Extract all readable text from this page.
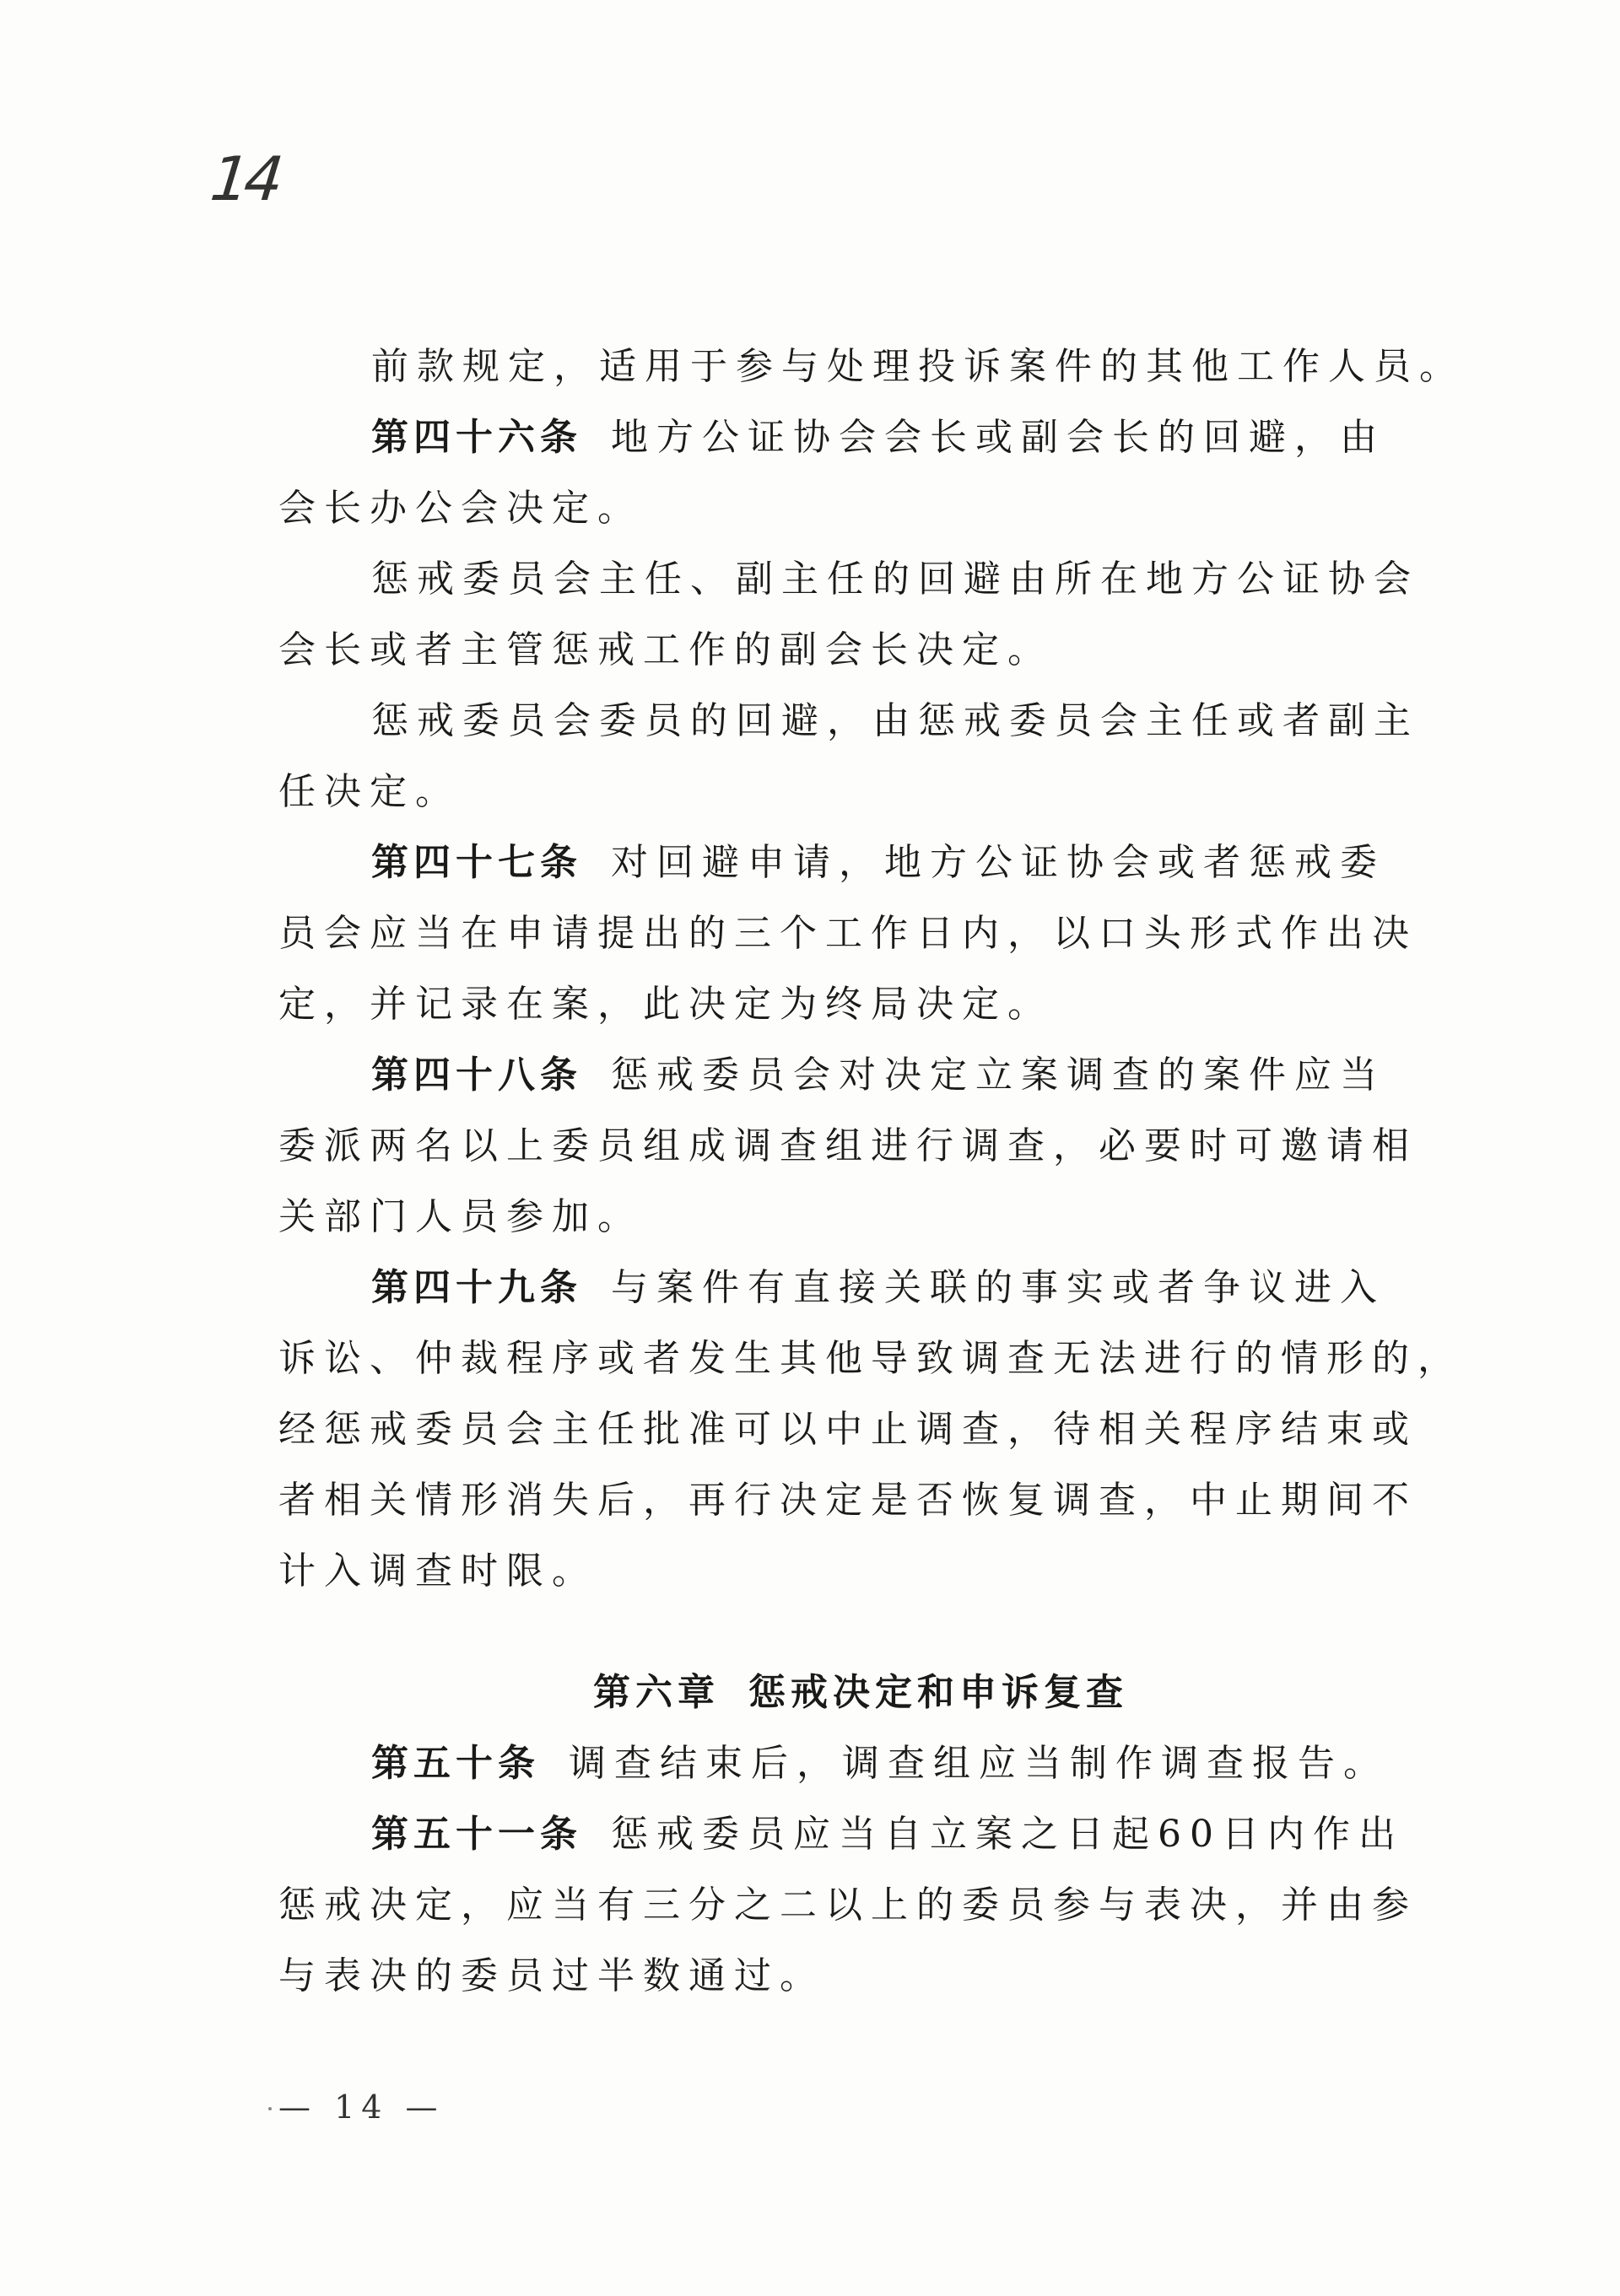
14
前款规定，适用于参与处理投诉案件的其他工作人员。
第四十六条 地方公证协会会长或副会长的回避，由
会长办公会决定。
惩戒委员会主任、副主任的回避由所在地方公证协会
会长或者主管惩戒工作的副会长决定。
惩戒委员会委员的回避，由惩戒委员会主任或者副主
任决定。
第四十七条 对回避申请，地方公证协会或者惩戒委
员会应当在申请提出的三个工作日内，以口头形式作出决
定，并记录在案，此决定为终局决定。
第四十八条 惩戒委员会对决定立案调查的案件应当
委派两名以上委员组成调查组进行调查，必要时可邀请相
关部门人员参加。
第四十九条 与案件有直接关联的事实或者争议进入
诉讼、仲裁程序或者发生其他导致调查无法进行的情形的，
经惩戒委员会主任批准可以中止调查，待相关程序结束或
者相关情形消失后，再行决定是否恢复调查，中止期间不
计入调查时限。
第六章 惩戒决定和申诉复查
第五十条 调查结束后，调查组应当制作调查报告。
第五十一条 惩戒委员应当自立案之日起60日内作出
惩戒决定，应当有三分之二以上的委员参与表决，并由参
与表决的委员过半数通过。
— 14 —
